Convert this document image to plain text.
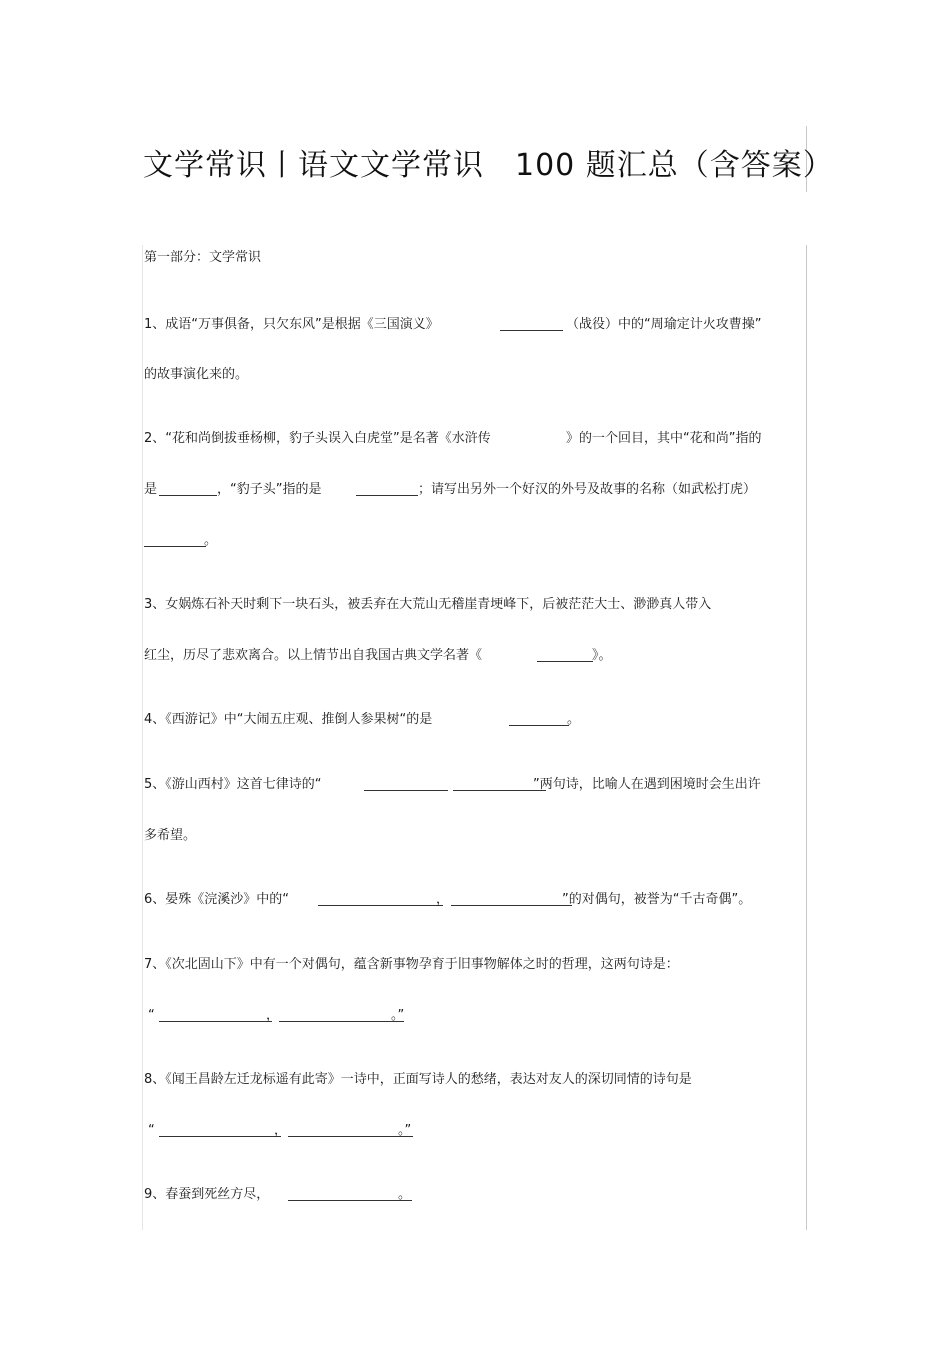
文学常识丨语文文学常识　100 题汇总（含答案）
第一部分：文学常识
1、成语“万事俱备，只欠东风”是根据《三国演义》	（战役）中的“周瑜定计火攻曹操”
的故事演化来的。
2、“花和尚倒拔垂杨柳，豹子头误入白虎堂”是名著《水浒传	》的一个回目，其中“花和尚”指的
是	，“豹子头”指的是	；请写出另外一个好汉的外号及故事的名称（如武松打虎）
。
3、女娲炼石补天时剩下一块石头，被丢弃在大荒山无稽崖青埂峰下，后被茫茫大士、渺渺真人带入
红尘，历尽了悲欢离合。以上情节出自我国古典文学名著《	》。
4、《西游记》中“大闹五庄观、推倒人参果树“的是	。
5、《游山西村》这首七律诗的“	”两句诗，比喻人在遇到困境时会生出许
多希望。
6、晏殊《浣溪沙》中的“	，	”的对偶句，被誉为“千古奇偶”。
7、《次北固山下》中有一个对偶句，蕴含新事物孕育于旧事物解体之时的哲理，这两句诗是：
“	，	。”
8、《闻王昌龄左迁龙标遥有此寄》一诗中，正面写诗人的愁绪，表达对友人的深切同情的诗句是
“	，	。”
9、春蚕到死丝方尽，	。
